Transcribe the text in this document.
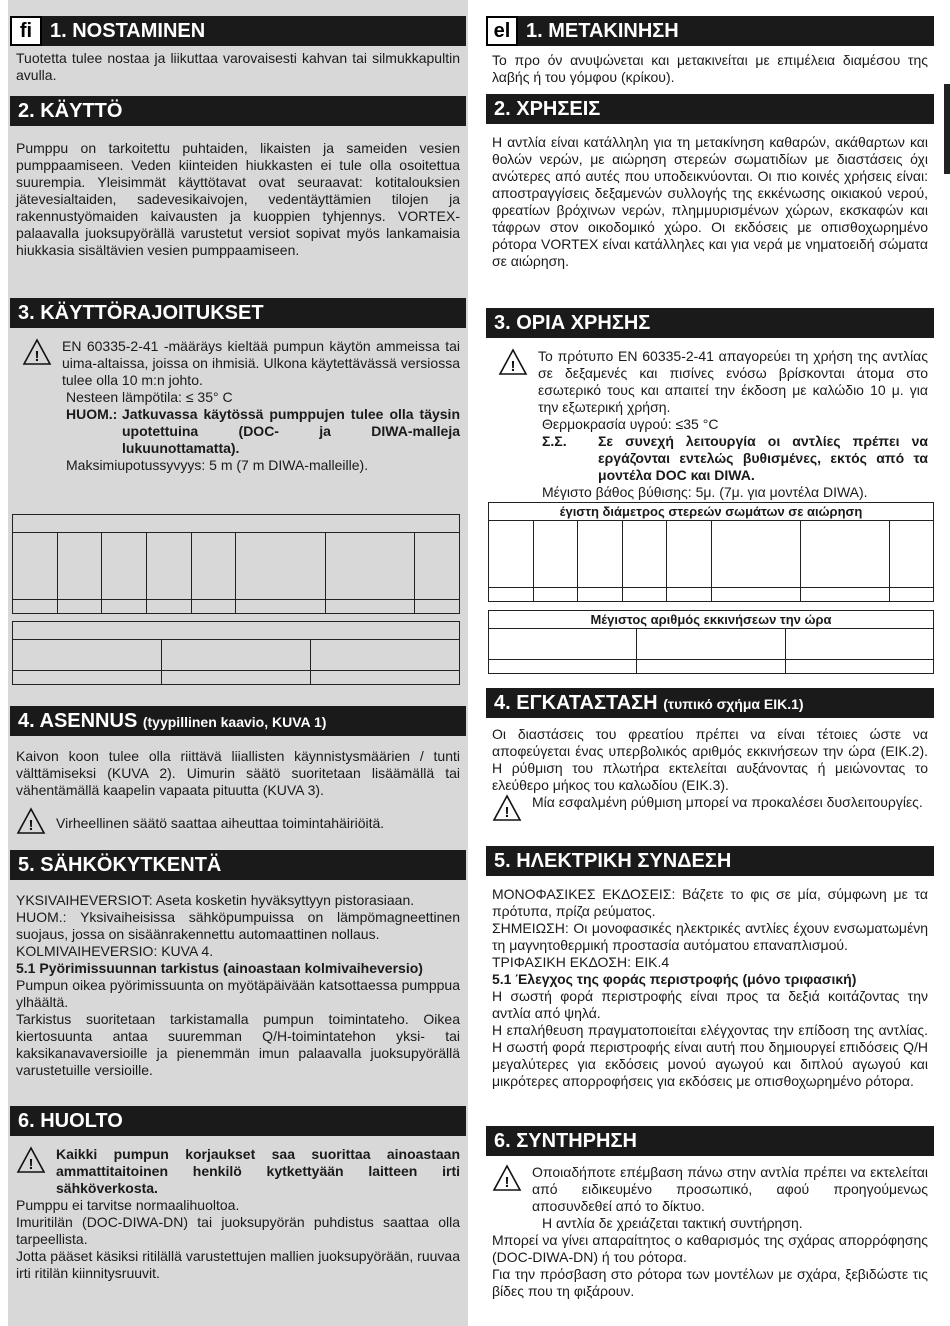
fi 1. NOSTAMINEN

Tuotetta tulee nostaa ja liikuttaa varovaisesti kahvan tai silmukkapultin avulla.

2. KÄYTTÖ

Pumppu on tarkoitettu puhtaiden, likaisten ja sameiden vesien pumppaamiseen. Veden kiinteiden hiukkasten ei tule olla osoitettua suurempia. Yleisimmät käyttötavat ovat seuraavat: kotitalouksien jätevesialtaiden, sadevesikaivojen, vedentäyttämien tilojen ja rakennustyömaiden kaivausten ja kuoppien tyhjennys. VORTEX-palaavalla juoksupyörällä varustetut versiot sopivat myös lankamaisia hiukkasia sisältävien vesien pumppaamiseen.

3. KÄYTTÖRAJOITUKSET
!

EN 60335-2-41 -määräys kieltää pumpun käytön ammeissa tai uima-altaissa, joissa on ihmisiä. Ulkona käytettävässä versiossa tulee olla 10 m:n johto.

Nesteen lämpötila: ≤ 35° C

HUOM.: Jatkuvassa käytössä pumppujen tulee olla täysin upotettuina (DOC- ja DIWA-malleja lukuunottamatta).

Maksimiupotussyvyys: 5 m (7 m DIWA-malleille).

4. ASENNUS (tyypillinen kaavio, KUVA 1)

Kaivon koon tulee olla riittävä liiallisten käynnistysmäärien / tunti välttämiseksi (KUVA 2). Uimurin säätö suoritetaan lisäämällä tai vähentämällä kaapelin vapaata pituutta (KUVA 3).

! Virheellinen säätö saattaa aiheuttaa toimintahäiriöitä.

5. SÄHKÖKYTKENTÄ

YKSIVAIHEVERSIOT: Aseta kosketin hyväksyttyyn pistorasiaan.

HUOM.: Yksivaiheisissa sähköpumpuissa on lämpömagneettinen suojaus, jossa on sisäänrakennettu automaattinen nollaus.

KOLMIVAIHEVERSIO: KUVA 4.

5.1 Pyörimissuunnan tarkistus (ainoastaan kolmivaiheversio)

Pumpun oikea pyörimissuunta on myötäpäivään katsottaessa pumppua ylhäältä.

Tarkistus suoritetaan tarkistamalla pumpun toimintateho. Oikea kiertosuunta antaa suuremman Q/H-toimintatehon yksi- tai kaksikanavaversioille ja pienemmän imun palaavalla juoksupyörällä varustetuille versioille.

6. HUOLTO
!

Kaikki pumpun korjaukset saa suorittaa ainoastaan ammattitaitoinen henkilö kytkettyään laitteen irti sähköverkosta.

Pumppu ei tarvitse normaalihuoltoa.

Imuritilän (DOC-DIWA-DN) tai juoksupyörän puhdistus saattaa olla tarpeellista.

Jotta pääset käsiksi ritilällä varustettujen mallien juoksupyörään, ruuvaa irti ritilän kiinnitysruuvit.

el 1. ΜΕΤΑΚΙΝΗΣΗ

Το προ όν ανυψώνεται και μετακινείται με επιμέλεια διαμέσου της λαβής ή του γόμφου (κρίκου).

2. ΧΡΗΣΕΙΣ

Η αντλία είναι κατάλληλη για τη μετακίνηση καθαρών, ακάθαρτων και θολών νερών, με αιώρηση στερεών σωματιδίων με διαστάσεις όχι ανώτερες από αυτές που υποδεικνύονται. Οι πιο κοινές χρήσεις είναι: αποστραγγίσεις δεξαμενών συλλογής της εκκένωσης οικιακού νερού, φρεατίων βρόχινων νερών, πλημμυρισμένων χώρων, εκσκαφών και τάφρων στον οικοδομικό χώρο. Οι εκδόσεις με οπισθοχωρημένο ρότορα VORTEX είναι κατάλληλες και για νερά με νηματοειδή σώματα σε αιώρηση.

3. ΟΡΙΑ ΧΡΗΣΗΣ
!

Το πρότυπο EN 60335-2-41 απαγορεύει τη χρήση της αντλίας σε δεξαμενές και πισίνες ενόσω βρίσκονται άτομα στο εσωτερικό τους και απαιτεί την έκδοση με καλώδιο 10 μ. για την εξωτερική χρήση.

Θερμοκρασία υγρού: ≤35 °C

Σ.Σ.	Σε συνεχή λειτουργία οι αντλίες πρέπει να εργάζονται εντελώς βυθισμένες, εκτός από τα μοντέλα DOC και DIWA.

Μέγιστο βάθος βύθισης: 5μ. (7μ. για μοντέλα DIWA).

έγιστη διάμετρος στερεών σωμάτων σε αιώρηση							

Μέγιστος αριθμός εκκινήσεων την ώρα		

4. ΕΓΚΑΤΑΣΤΑΣΗ (τυπικό σχήμα ΕΙΚ.1)

Οι διαστάσεις του φρεατίου πρέπει να είναι τέτοιες ώστε να αποφεύγεται ένας υπερβολικός αριθμός εκκινήσεων την ώρα (ΕΙΚ.2). Η ρύθμιση του πλωτήρα εκτελείται αυξάνοντας ή μειώνοντας το ελεύθερο μήκος του καλωδίου (ΕΙΚ.3).

!

Μία εσφαλμένη ρύθμιση μπορεί να προκαλέσει δυσλειτουργίες.

5. ΗΛΕΚΤΡΙΚΗ ΣΥΝΔΕΣΗ

ΜΟΝΟΦΑΣΙΚΕΣ ΕΚΔΟΣΕΙΣ: Βάζετε το φις σε μία, σύμφωνη με τα πρότυπα, πρίζα ρεύματος.

ΣΗΜΕΙΩΣΗ: Οι μονοφασικές ηλεκτρικές αντλίες έχουν ενσωματωμένη τη μαγνητοθερμική προστασία αυτόματου επαναπλισμού.

ΤΡΙΦΑΣΙΚΗ ΕΚΔΟΣΗ: ΕΙΚ.4

5.1 Έλεγχος της φοράς περιστροφής (μόνο τριφασική)

Η σωστή φορά περιστροφής είναι προς τα δεξιά κοιτάζοντας την αντλία από ψηλά.

Η επαλήθευση πραγματοποιείται ελέγχοντας την επίδοση της αντλίας. Η σωστή φορά περιστροφής είναι αυτή που δημιουργεί επιδόσεις Q/H μεγαλύτερες για εκδόσεις μονού αγωγού και διπλού αγωγού και μικρότερες απορροφήσεις για εκδόσεις με οπισθοχωρημένο ρότορα.

6. ΣΥΝΤΗΡΗΣΗ
!

Οποιαδήποτε επέμβαση πάνω στην αντλία πρέπει να εκτελείται από ειδικευμένο προσωπικό, αφού προηγούμενως αποσυνδεθεί από το δίκτυο.

Η αντλία δε χρειάζεται τακτική συντήρηση.

Μπορεί να γίνει απαραίτητος ο καθαρισμός της σχάρας απορρόφησης (DOC-DIWA-DN) ή του ρότορα.

Για την πρόσβαση στο ρότορα των μοντέλων με σχάρα, ξεβιδώστε τις βίδες που τη φιξάρουν.
